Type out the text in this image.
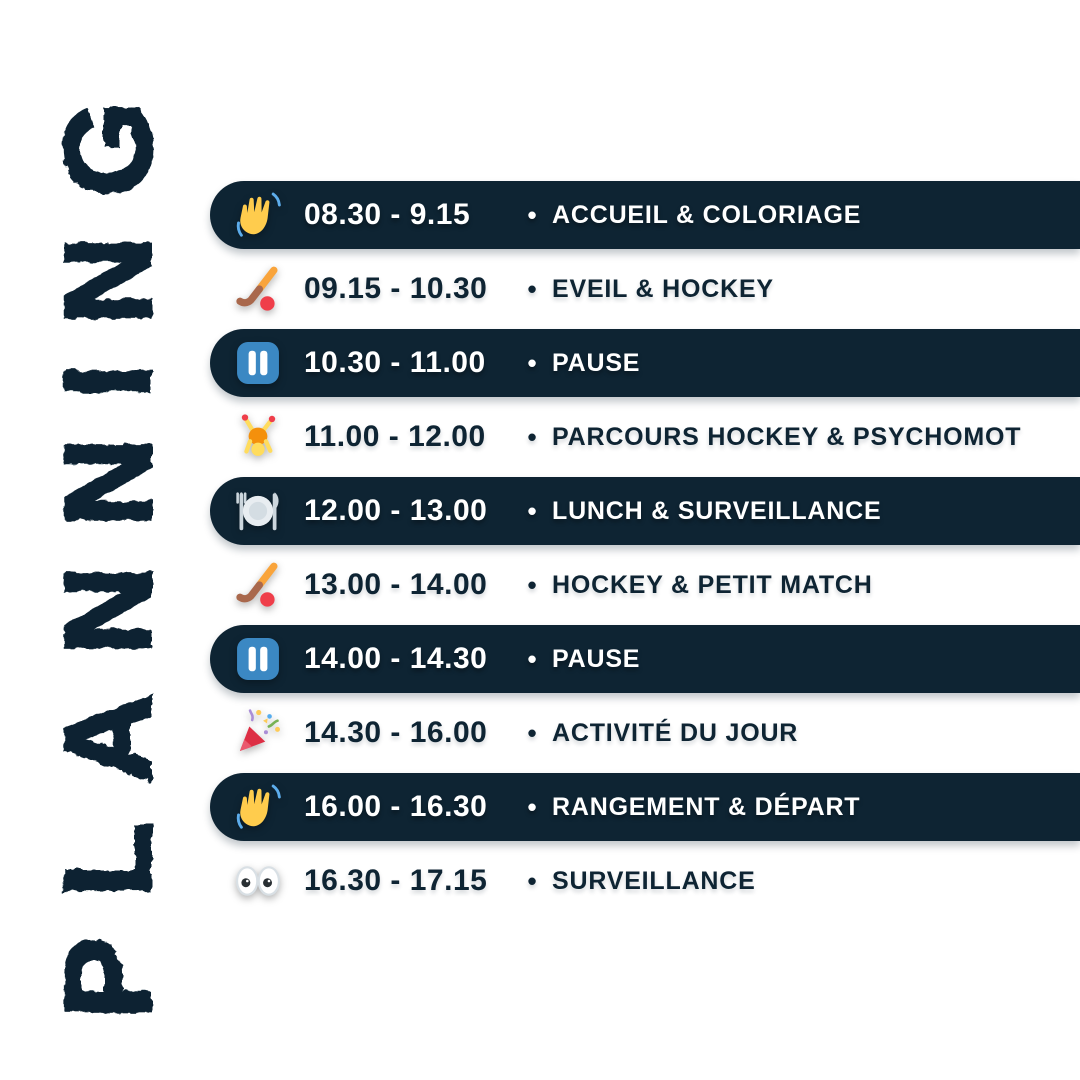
PLANNING	08.30 - 9.15	• ACCUEIL & COLORIAGE
09.15 - 10.30	• EVEIL & HOCKEY
10.30 - 11.00	• PAUSE
11.00 - 12.00	• PARCOURS HOCKEY & PSYCHOMOT
12.00 - 13.00	• LUNCH & SURVEILLANCE
13.00 - 14.00	• HOCKEY & PETIT MATCH
14.00 - 14.30	• PAUSE
14.30 - 16.00	• ACTIVITÉ DU JOUR
16.00 - 16.30	• RANGEMENT & DÉPART
16.30 - 17.15	• SURVEILLANCE
